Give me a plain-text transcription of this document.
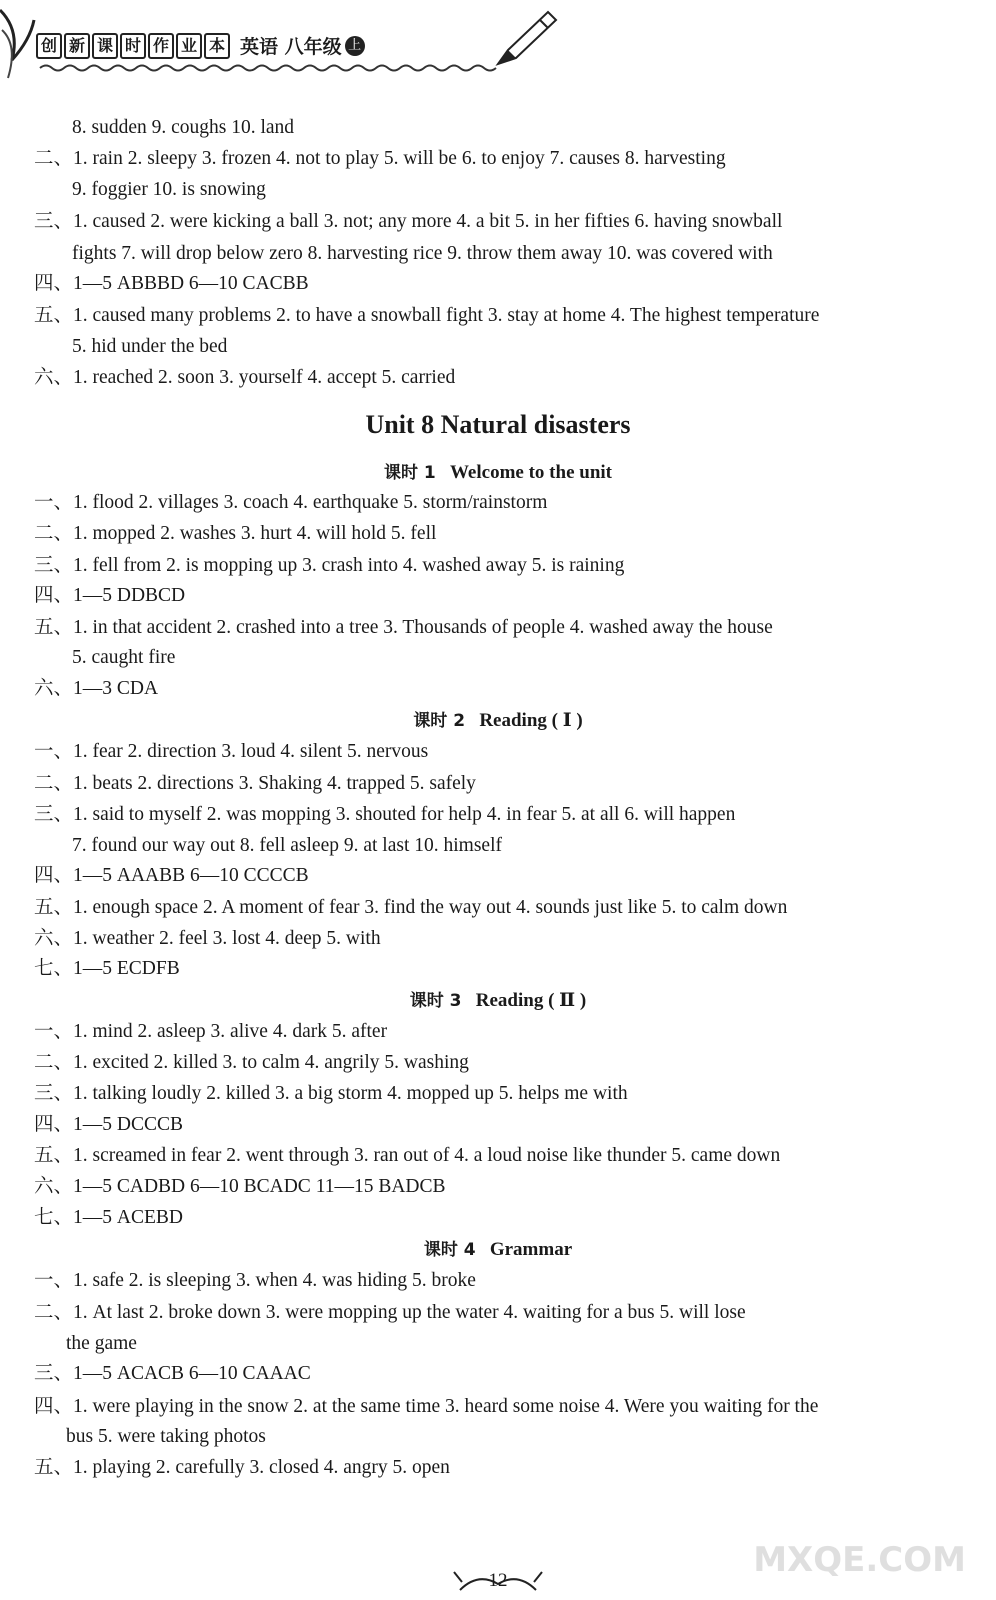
创 新 课 时 作 业 本 英语 八年级 上
8. sudden 9. coughs 10. land
二、1. rain 2. sleepy 3. frozen 4. not to play 5. will be 6. to enjoy 7. causes 8. harvesting
9. foggier 10. is snowing
三、1. caused 2. were kicking a ball 3. not; any more 4. a bit 5. in her fifties 6. having snowball
fights 7. will drop below zero 8. harvesting rice 9. throw them away 10. was covered with
四、1—5 ABBBD 6—10 CACBB
五、1. caused many problems 2. to have a snowball fight 3. stay at home 4. The highest temperature
5. hid under the bed
六、1. reached 2. soon 3. yourself 4. accept 5. carried
Unit 8 Natural disasters
课时 1 Welcome to the unit
一、1. flood 2. villages 3. coach 4. earthquake 5. storm/rainstorm
二、1. mopped 2. washes 3. hurt 4. will hold 5. fell
三、1. fell from 2. is mopping up 3. crash into 4. washed away 5. is raining
四、1—5 DDBCD
五、1. in that accident 2. crashed into a tree 3. Thousands of people 4. washed away the house
5. caught fire
六、1—3 CDA
课时 2 Reading ( Ⅰ )
一、1. fear 2. direction 3. loud 4. silent 5. nervous
二、1. beats 2. directions 3. Shaking 4. trapped 5. safely
三、1. said to myself 2. was mopping 3. shouted for help 4. in fear 5. at all 6. will happen
7. found our way out 8. fell asleep 9. at last 10. himself
四、1—5 AAABB 6—10 CCCCB
五、1. enough space 2. A moment of fear 3. find the way out 4. sounds just like 5. to calm down
六、1. weather 2. feel 3. lost 4. deep 5. with
七、1—5 ECDFB
课时 3 Reading ( Ⅱ )
一、1. mind 2. asleep 3. alive 4. dark 5. after
二、1. excited 2. killed 3. to calm 4. angrily 5. washing
三、1. talking loudly 2. killed 3. a big storm 4. mopped up 5. helps me with
四、1—5 DCCCB
五、1. screamed in fear 2. went through 3. ran out of 4. a loud noise like thunder 5. came down
六、1—5 CADBD 6—10 BCADC 11—15 BADCB
七、1—5 ACEBD
课时 4 Grammar
一、1. safe 2. is sleeping 3. when 4. was hiding 5. broke
二、1. At last 2. broke down 3. were mopping up the water 4. waiting for a bus 5. will lose
the game
三、1—5 ACACB 6—10 CAAAC
四、1. were playing in the snow 2. at the same time 3. heard some noise 4. Were you waiting for the
bus 5. were taking photos
五、1. playing 2. carefully 3. closed 4. angry 5. open
12
MXQE.COM
